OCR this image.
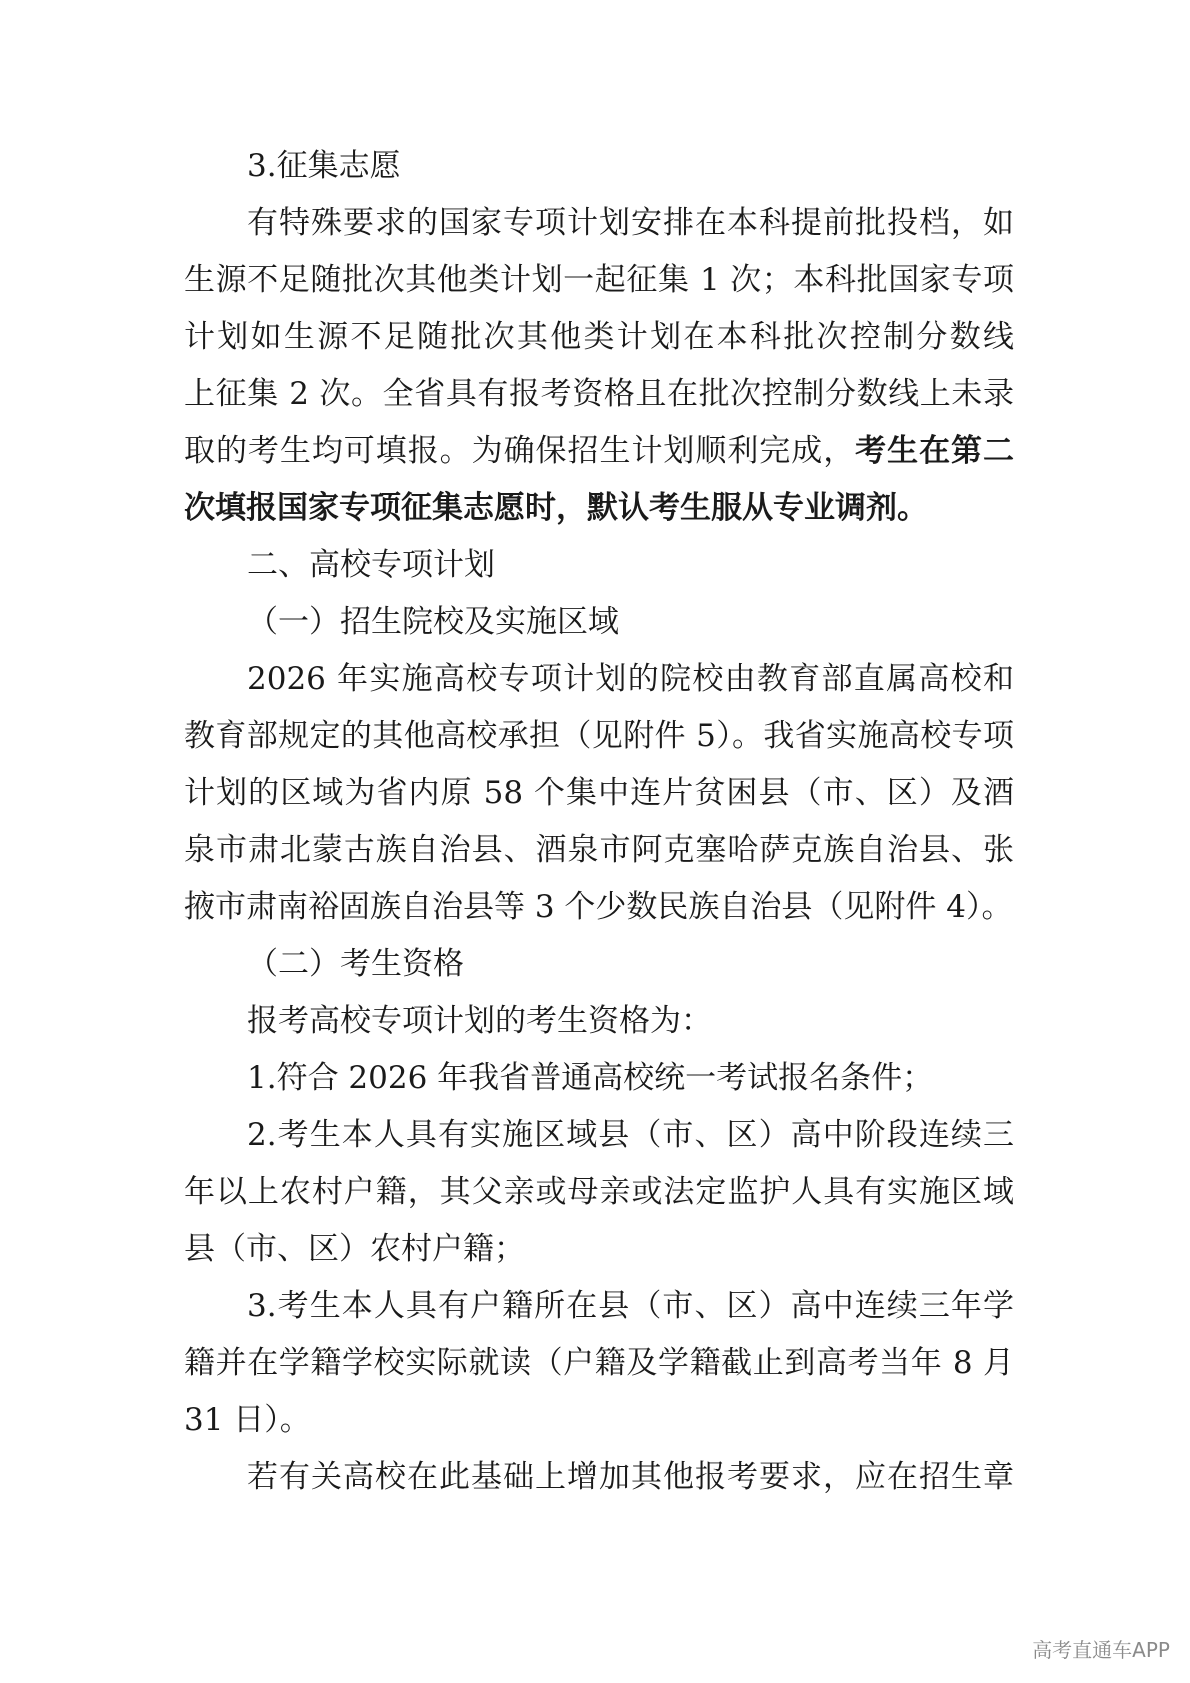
3.征集志愿
有特殊要求的国家专项计划安排在本科提前批投档，如
生源不足随批次其他类计划一起征集 1 次；本科批国家专项
计划如生源不足随批次其他类计划在本科批次控制分数线
上征集 2 次。全省具有报考资格且在批次控制分数线上未录
取的考生均可填报。为确保招生计划顺利完成，考生在第二
次填报国家专项征集志愿时，默认考生服从专业调剂。
二、高校专项计划
（一）招生院校及实施区域
2026 年实施高校专项计划的院校由教育部直属高校和
教育部规定的其他高校承担（见附件 5）。我省实施高校专项
计划的区域为省内原 58 个集中连片贫困县（市、区）及酒
泉市肃北蒙古族自治县、酒泉市阿克塞哈萨克族自治县、张
掖市肃南裕固族自治县等 3 个少数民族自治县（见附件 4）。
（二）考生资格
报考高校专项计划的考生资格为：
1.符合 2026 年我省普通高校统一考试报名条件；
2.考生本人具有实施区域县（市、区）高中阶段连续三
年以上农村户籍，其父亲或母亲或法定监护人具有实施区域
县（市、区）农村户籍；
3.考生本人具有户籍所在县（市、区）高中连续三年学
籍并在学籍学校实际就读（户籍及学籍截止到高考当年 8 月
31 日）。
若有关高校在此基础上增加其他报考要求，应在招生章
高考直通车APP
